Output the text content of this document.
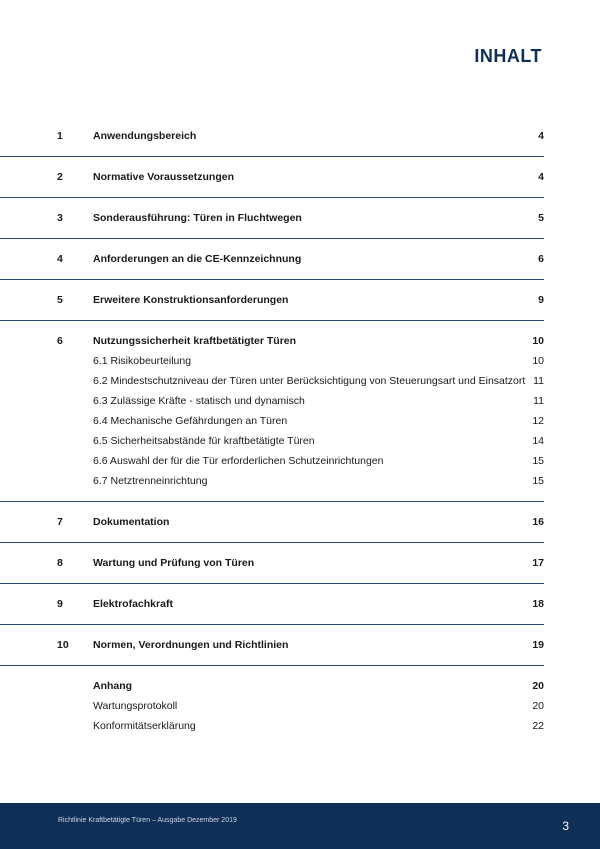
INHALT
1	Anwendungsbereich	4
2	Normative Voraussetzungen	4
3	Sonderausführung: Türen in Fluchtwegen	5
4	Anforderungen an die CE-Kennzeichnung	6
5	Erweitere Konstruktionsanforderungen	9
6	Nutzungssicherheit kraftbetätigter Türen	10
6.1 Risikobeurteilung	10
6.2 Mindestschutzniveau der Türen unter Berücksichtigung von Steuerungsart und Einsatzort 11
6.3 Zulässige Kräfte - statisch und dynamisch	11
6.4 Mechanische Gefährdungen an Türen	12
6.5 Sicherheitsabstände für kraftbetätigte Türen	14
6.6 Auswahl der für die Tür erforderlichen Schutzeinrichtungen	15
6.7 Netztrenneinrichtung	15
7	Dokumentation	16
8	Wartung und Prüfung von Türen	17
9	Elektrofachkraft	18
10 Normen, Verordnungen und Richtlinien	19
Anhang	20
Wartungsprotokoll	20
Konformitätserklärung	22
Richtlinie Kraftbetätigte Türen – Ausgabe Dezember 2019	3
